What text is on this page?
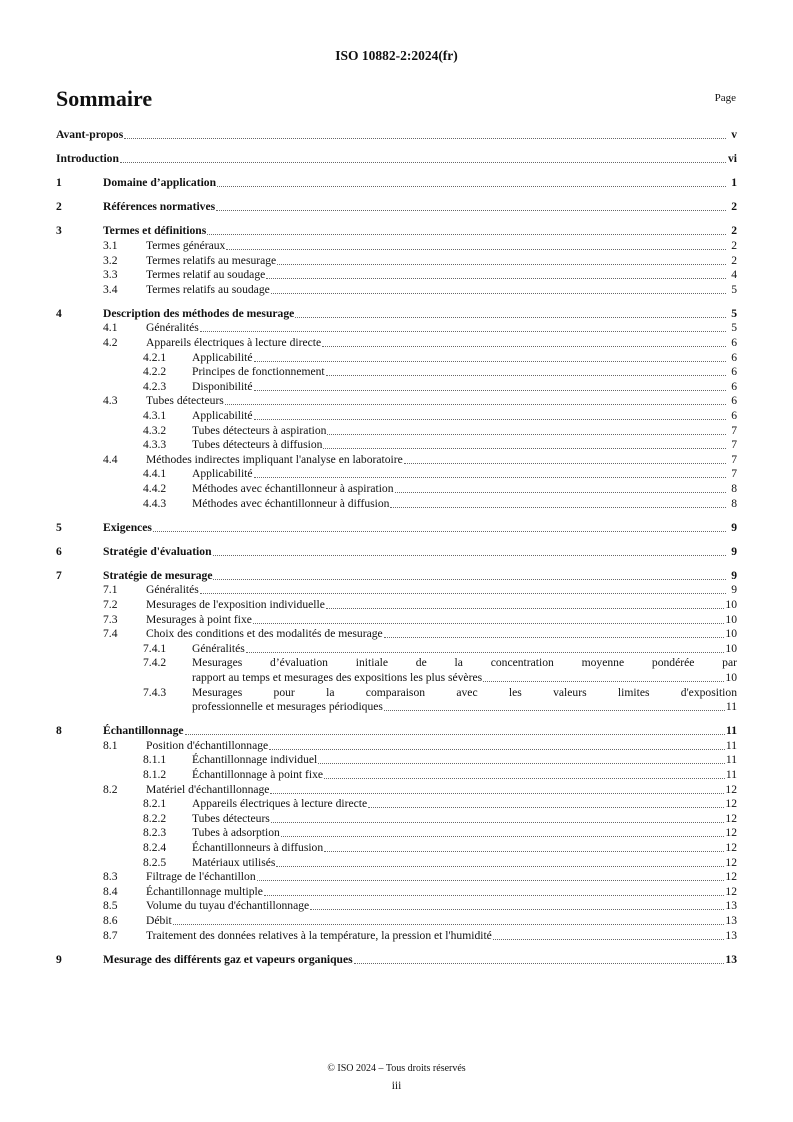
ISO 10882-2:2024(fr)
Sommaire	Page
Avant-propos	v
Introduction	vi
1	Domaine d’application	1
2	Références normatives	2
3	Termes et définitions	2
3.1 Termes généraux	2
3.2 Termes relatifs au mesurage	2
3.3 Termes relatif au soudage	4
3.4 Termes relatifs au soudage	5
4	Description des méthodes de mesurage	5
4.1 Généralités	5
4.2 Appareils électriques à lecture directe	6
4.2.1 Applicabilité	6
4.2.2 Principes de fonctionnement	6
4.2.3 Disponibilité	6
4.3 Tubes détecteurs	6
4.3.1 Applicabilité	6
4.3.2 Tubes détecteurs à aspiration	7
4.3.3 Tubes détecteurs à diffusion	7
4.4 Méthodes indirectes impliquant l'analyse en laboratoire	7
4.4.1 Applicabilité	7
4.4.2 Méthodes avec échantillonneur à aspiration	8
4.4.3 Méthodes avec échantillonneur à diffusion	8
5	Exigences	9
6	Stratégie d'évaluation	9
7	Stratégie de mesurage	9
7.1 Généralités	9
7.2 Mesurages de l'exposition individuelle	10
7.3 Mesurages à point fixe	10
7.4 Choix des conditions et des modalités de mesurage	10
7.4.1 Généralités	10
7.4.2 Mesurages d’évaluation initiale de la concentration moyenne pondérée par
rapport au temps et mesurages des expositions les plus sévères	10
7.4.3 Mesurages pour la comparaison avec les valeurs limites d'exposition
professionnelle et mesurages périodiques	11
8	Échantillonnage	11
8.1 Position d'échantillonnage	11
8.1.1 Échantillonnage individuel	11
8.1.2 Échantillonnage à point fixe	11
8.2 Matériel d'échantillonnage	12
8.2.1 Appareils électriques à lecture directe	12
8.2.2 Tubes détecteurs	12
8.2.3 Tubes à adsorption	12
8.2.4 Échantillonneurs à diffusion	12
8.2.5 Matériaux utilisés	12
8.3 Filtrage de l'échantillon	12
8.4 Échantillonnage multiple	12
8.5 Volume du tuyau d'échantillonnage	13
8.6 Débit	13
8.7 Traitement des données relatives à la température, la pression et l'humidité	13
9	Mesurage des différents gaz et vapeurs organiques	13
© ISO 2024 – Tous droits réservés
iii
